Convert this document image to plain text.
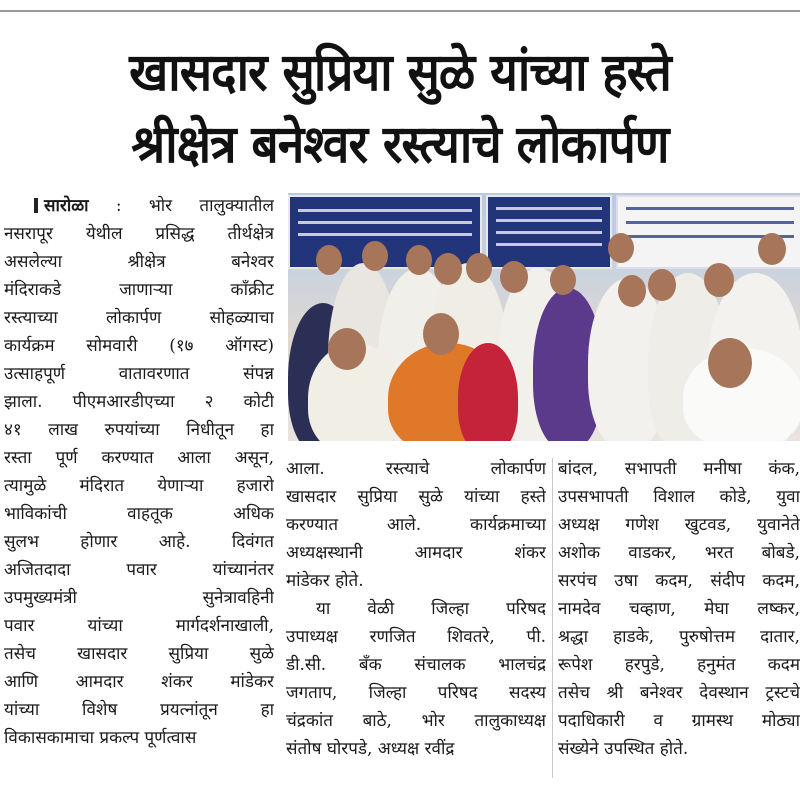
खासदार सुप्रिया सुळे यांच्या हस्ते
श्रीक्षेत्र बनेश्वर रस्त्याचे लोकार्पण
सारोळा : भोर तालुक्यातील
नसरापूर येथील प्रसिद्ध तीर्थक्षेत्र
असलेल्या श्रीक्षेत्र बनेश्वर
मंदिराकडे जाणाऱ्या कॉंक्रीट
रस्त्याच्या लोकार्पण सोहळ्याचा
कार्यक्रम सोमवारी (१७ ऑगस्ट)
उत्साहपूर्ण वातावरणात संपन्न
झाला. पीएमआरडीएच्या २ कोटी
४१ लाख रुपयांच्या निधीतून हा
रस्ता पूर्ण करण्यात आला असून,
त्यामुळे मंदिरात येणाऱ्या हजारो
भाविकांची वाहतूक अधिक
सुलभ होणार आहे. दिवंगत
अजितदादा पवार यांच्यानंतर
उपमुख्यमंत्री सुनेत्रावहिनी
पवार यांच्या मार्गदर्शनाखाली,
तसेच खासदार सुप्रिया सुळे
आणि आमदार शंकर मांडेकर
यांच्या विशेष प्रयत्नांतून हा
विकासकामाचा प्रकल्प पूर्णत्वास
आला. रस्त्याचे लोकार्पण
खासदार सुप्रिया सुळे यांच्या हस्ते
करण्यात आले. कार्यक्रमाच्या
अध्यक्षस्थानी आमदार शंकर
मांडेकर होते.
या वेळी जिल्हा परिषद
उपाध्यक्ष रणजित शिवतरे, पी.
डी.सी. बँक संचालक भालचंद्र
जगताप, जिल्हा परिषद सदस्य
चंद्रकांत बाठे, भोर तालुकाध्यक्ष
संतोष घोरपडे, अध्यक्ष रवींद्र
बांदल, सभापती मनीषा कंक,
उपसभापती विशाल कोडे, युवा
अध्यक्ष गणेश खुटवड, युवानेते
अशोक वाडकर, भरत बोबडे,
सरपंच उषा कदम, संदीप कदम,
नामदेव चव्हाण, मेघा लष्कर,
श्रद्धा हाडके, पुरुषोत्तम दातार,
रूपेश हरपुडे, हनुमंत कदम
तसेच श्री बनेश्वर देवस्थान ट्रस्टचे
पदाधिकारी व ग्रामस्थ मोठ्या
संख्येने उपस्थित होते.
